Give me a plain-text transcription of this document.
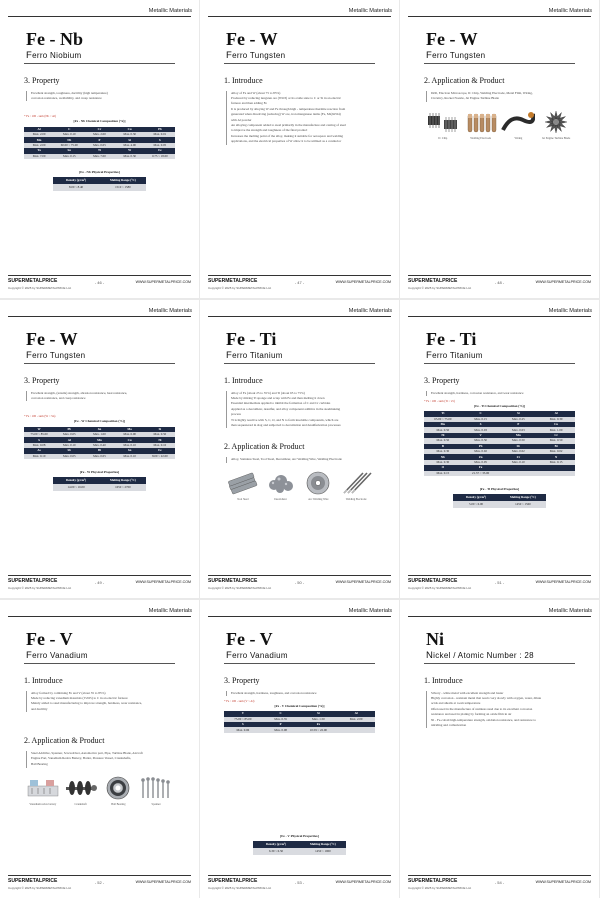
Metallic Materials
Fe - Nb
Ferro Niobium
3. Property
Excellent strength, toughness, ductility (high temperature)
corrosion resistance, weldability, and creep resistance
* Fe : 100 - sum (Nb ~ Al)
[Fe - Nb Chemical Composition (%)]
Al	C	Cr	Cu	Pb
Max. 2.00	Max. 0.10	Max. 2.00	Max. 0.30	Max. 0.01
Mn	Nb	P	Si	S
Max. 2.00	60.00 ~ 75.00	Max. 0.05	Max. 4.00	Max. 0.05
Ta	Sn	Ti	W	Fe
Max. 7.00	Max. 0.15	Max. 7.00	Max. 0.30	0.75 ~ 18.00
[Fe - Nb Physical Properties]
Density (g/cm³)	Melting Range (°C)
8.00 ~ 8.40	1510 ~ 1580
SUPERMETALPRICE
Copyright © 2025 by SUPERMETALPRICE Ltd.
- 46 -	WWW.SUPERMETALPRICE.COM
Metallic Materials
Fe - W
Ferro Tungsten
1. Introduce
Alloy of Fe and W (about 75 to 85%)
Produced by reducing tungsten ore (WO3) or its oxide state to C or Si in an electric
furnace and then adding Fe
It is produced by alloying W and Fe through high - temperature thermite reaction from
generated when dissolving (reducing) W ore, iron manganese items (Fe, Mn)WO4)
with Al powder
An alloying component added to steel primarily in the manufacture and casting of steel
to improve the strength and toughness of the final product
Increases the melting point of the alloy, making it suitable for aerospace and welding
applications, and the electrical properties of W allow it to be utilized as a conductor
SUPERMETALPRICE
Copyright © 2025 by SUPERMETALPRICE Ltd.
- 47 -	WWW.SUPERMETALPRICE.COM
Metallic Materials
Fe - W
Ferro Tungsten
2. Application & Product
Drill, Electron Microscope, IC Chip, Welding Electrode, Metal Film, Wiring,
Circuitry, Rocket Nozzle, Jet Engine Turbine Blade
IC Chip	Welding Electrode	Wiring	Jet Engine Turbine Blade
SUPERMETALPRICE
Copyright © 2025 by SUPERMETALPRICE Ltd.
- 48 -	WWW.SUPERMETALPRICE.COM
Metallic Materials
Fe - W
Ferro Tungsten
3. Property
Excellent strength, (tensile) strength, abrasion resistance, heat resistance,
corrosion resistance, and creep resistance
* Fe : 100 - sum (W ~ Sn)
[Fe - W Chemical Composition (%)]
W	Pb	Sn	Mo	Si
75.00 ~ 85.00	Max. 0.05	Max. 1.00	Max. 6.00	Max. 0.50
S	Al	Mn	Cu	Ni
Max. 0.08	Max. 0.10	Max. 0.40	Max. 0.10	Max. 0.10
As	Sb	Bi	Sn	Fe
Max. 0.10	Max. 0.05	Max. 0.05	Max. 0.10	8.00 ~ 22.00
[Fe - W Physical Properties]
Density (g/cm³)	Melting Range (°C)
14.00 ~ 16.00	1650 ~ 2700
SUPERMETALPRICE
Copyright © 2025 by SUPERMETALPRICE Ltd.
- 49 -	WWW.SUPERMETALPRICE.COM
Metallic Materials
Fe - Ti
Ferro Titanium
1. Introduce
Alloy of Fe (about 25 to 35%) and Ti (about 65 to 75%)
Made by mixing Ti sponge and scrap with Fe and then melting it down
Essential intermediate applied to inhibit the formation of C and Cr carbides
Applied as a deoxidizer, desulfur, and alloy component additive in the steelmaking
process
Ti is highly reactive with S, C, O, and N to form insoluble compounds, which are
then sequestered in slag and subjected to deoxidation and desulfurization processes
2. Application & Product
Alloy, Stainless Steel, Tool Steel, Deoxidizer, Arc Welding Wire, Welding Electrode
Tool Steel	Deoxidizer	Arc Welding Wire	Welding Electrode
SUPERMETALPRICE
Copyright © 2025 by SUPERMETALPRICE Ltd.
- 50 -	WWW.SUPERMETALPRICE.COM
Metallic Materials
Fe - Ti
Ferro Titanium
3. Property
Excellent strength, hardness, corrosion resistance, and wear resistance
* Fe : 100 - sum (Ti ~ Zr)
[Fe - Ti Chemical Composition (%)]
Ti	C	Si	Al
65.00 ~ 75.00	Max. 0.15	Max. 0.25	Max. 0.30
Mo	S	P	Cu
Max. 0.50	Max. 0.03	Max. 0.03	Max. 1.00
Ni	V	Mn	Cr
Max. 0.50	Max. 0.50	Max. 0.50	Max. 0.50
B	Pb	Sb	Bi
Max. 0.30	Max. 0.02	Max. 0.02	Max. 0.02
Nb	Zn	Zr	N
Max. 0.30	Max. 0.05	Max. 0.10	Max. 0.15
O	Fe		
Max. 0.15	21.37 ~ 33.00		
[Fe - Ti Physical Properties]
Density (g/cm³)	Melting Range (°C)
5.00 ~ 6.00	1450 ~ 1560
SUPERMETALPRICE
Copyright © 2025 by SUPERMETALPRICE Ltd.
- 51 -	WWW.SUPERMETALPRICE.COM
Metallic Materials
Fe - V
Ferro Vanadium
1. Introduce
Alloy formed by combining Fe and V (about 35 to 85%)
Made by reducing vanadium materials (V2O5) to C in an electric furnace
Mainly added to steel manufacturing to improve strength, hardness, wear resistance,
and ductility
2. Application & Product
Steel Additive, Spanner, Screwdriver, Automotive part, Pipe, Turbine Blade, Aircraft
Engine Part, Vanadium Redox Battery, Boiler, Pressure Vessel, Crankshafts,
Ball Bearing
Vanadium redox battery	Crankshaft	Ball Bearing	Spanner
SUPERMETALPRICE
Copyright © 2025 by SUPERMETALPRICE Ltd.
- 52 -	WWW.SUPERMETALPRICE.COM
Metallic Materials
Fe - V
Ferro Vanadium
3. Property
Excellent strength, hardness, toughness, and corrosion resistance
* Fe : 100 - sum (V ~ Al)
[Fe - V Chemical Composition (%)]
V	C	Si	Al
75.00 ~ 85.00	Max. 0.35	Max. 1.50	Max. 2.00
S	P	Fe	
Max. 0.06	Max. 0.08	10.59 ~ 22.00	
[Fe - V Physical Properties]
Density (g/cm³)	Melting Range (°C)
6.30 ~ 6.50	1450 ~ 1900
SUPERMETALPRICE
Copyright © 2025 by SUPERMETALPRICE Ltd.
- 53 -	WWW.SUPERMETALPRICE.COM
Metallic Materials
Ni
Nickel / Atomic Number : 28
1. Introduce
Silvery - white metal with excellent strength and luster
Highly corrosion - resistant metal that reacts very slowly with oxygen, water, dilute
acids and alkalis at room temperature
Often used in the manufacture of stainless steel due to its excellent corrosion
resistance and used in plating by forming an oxide film in air
Ni - Fe-cobalt high-temperature strength, oxidation resistance, and resistance to
nitriding and carburization
SUPERMETALPRICE
Copyright © 2025 by SUPERMETALPRICE Ltd.
- 54 -	WWW.SUPERMETALPRICE.COM
